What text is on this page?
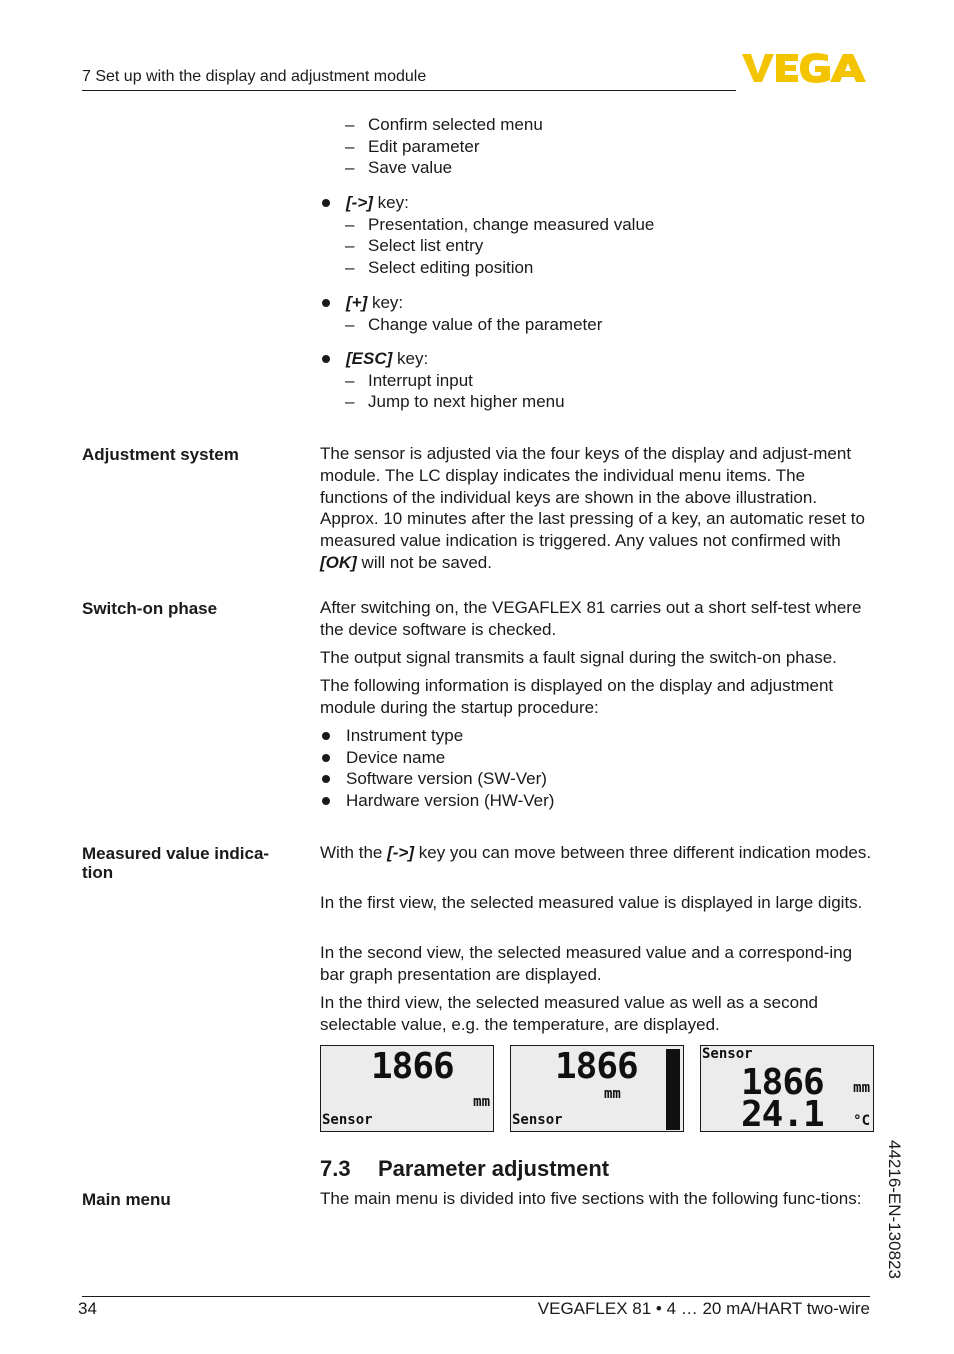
7 Set up with the display and adjustment module
– Confirm selected menu
– Edit parameter
– Save value
[->] key:
– Presentation, change measured value
– Select list entry
– Select editing position
[+] key:
– Change value of the parameter
[ESC] key:
– Interrupt input
– Jump to next higher menu
Adjustment system	The sensor is adjusted via the four keys of the display and adjust-ment module. The LC display indicates the individual menu items. The functions of the individual keys are shown in the above illustration. Approx. 10 minutes after the last pressing of a key, an automatic reset to measured value indication is triggered. Any values not confirmed with [OK] will not be saved.

Switch-on phase	After switching on, the VEGAFLEX 81 carries out a short self-test where the device software is checked.

The output signal transmits a fault signal during the switch-on phase.

The following information is displayed on the display and adjustment module during the startup procedure:

Instrument type
Device name
Software version (SW-Ver)
Hardware version (HW-Ver)
Measured value indica-tion

With the [->] key you can move between three different indication modes.

In the first view, the selected measured value is displayed in large digits.

In the second view, the selected measured value and a correspond-ing bar graph presentation are displayed.

In the third view, the selected measured value as well as a second selectable value, e.g. the temperature, are displayed.

1866
mm
Sensor
1866
mm
Sensor
Sensor
1866 mm
24.1 °C
7.3 Parameter adjustment
Main menu	The main menu is divided into five sections with the following func-tions:	44216-EN-130823
34	VEGAFLEX 81 • 4 … 20 mA/HART two-wire
